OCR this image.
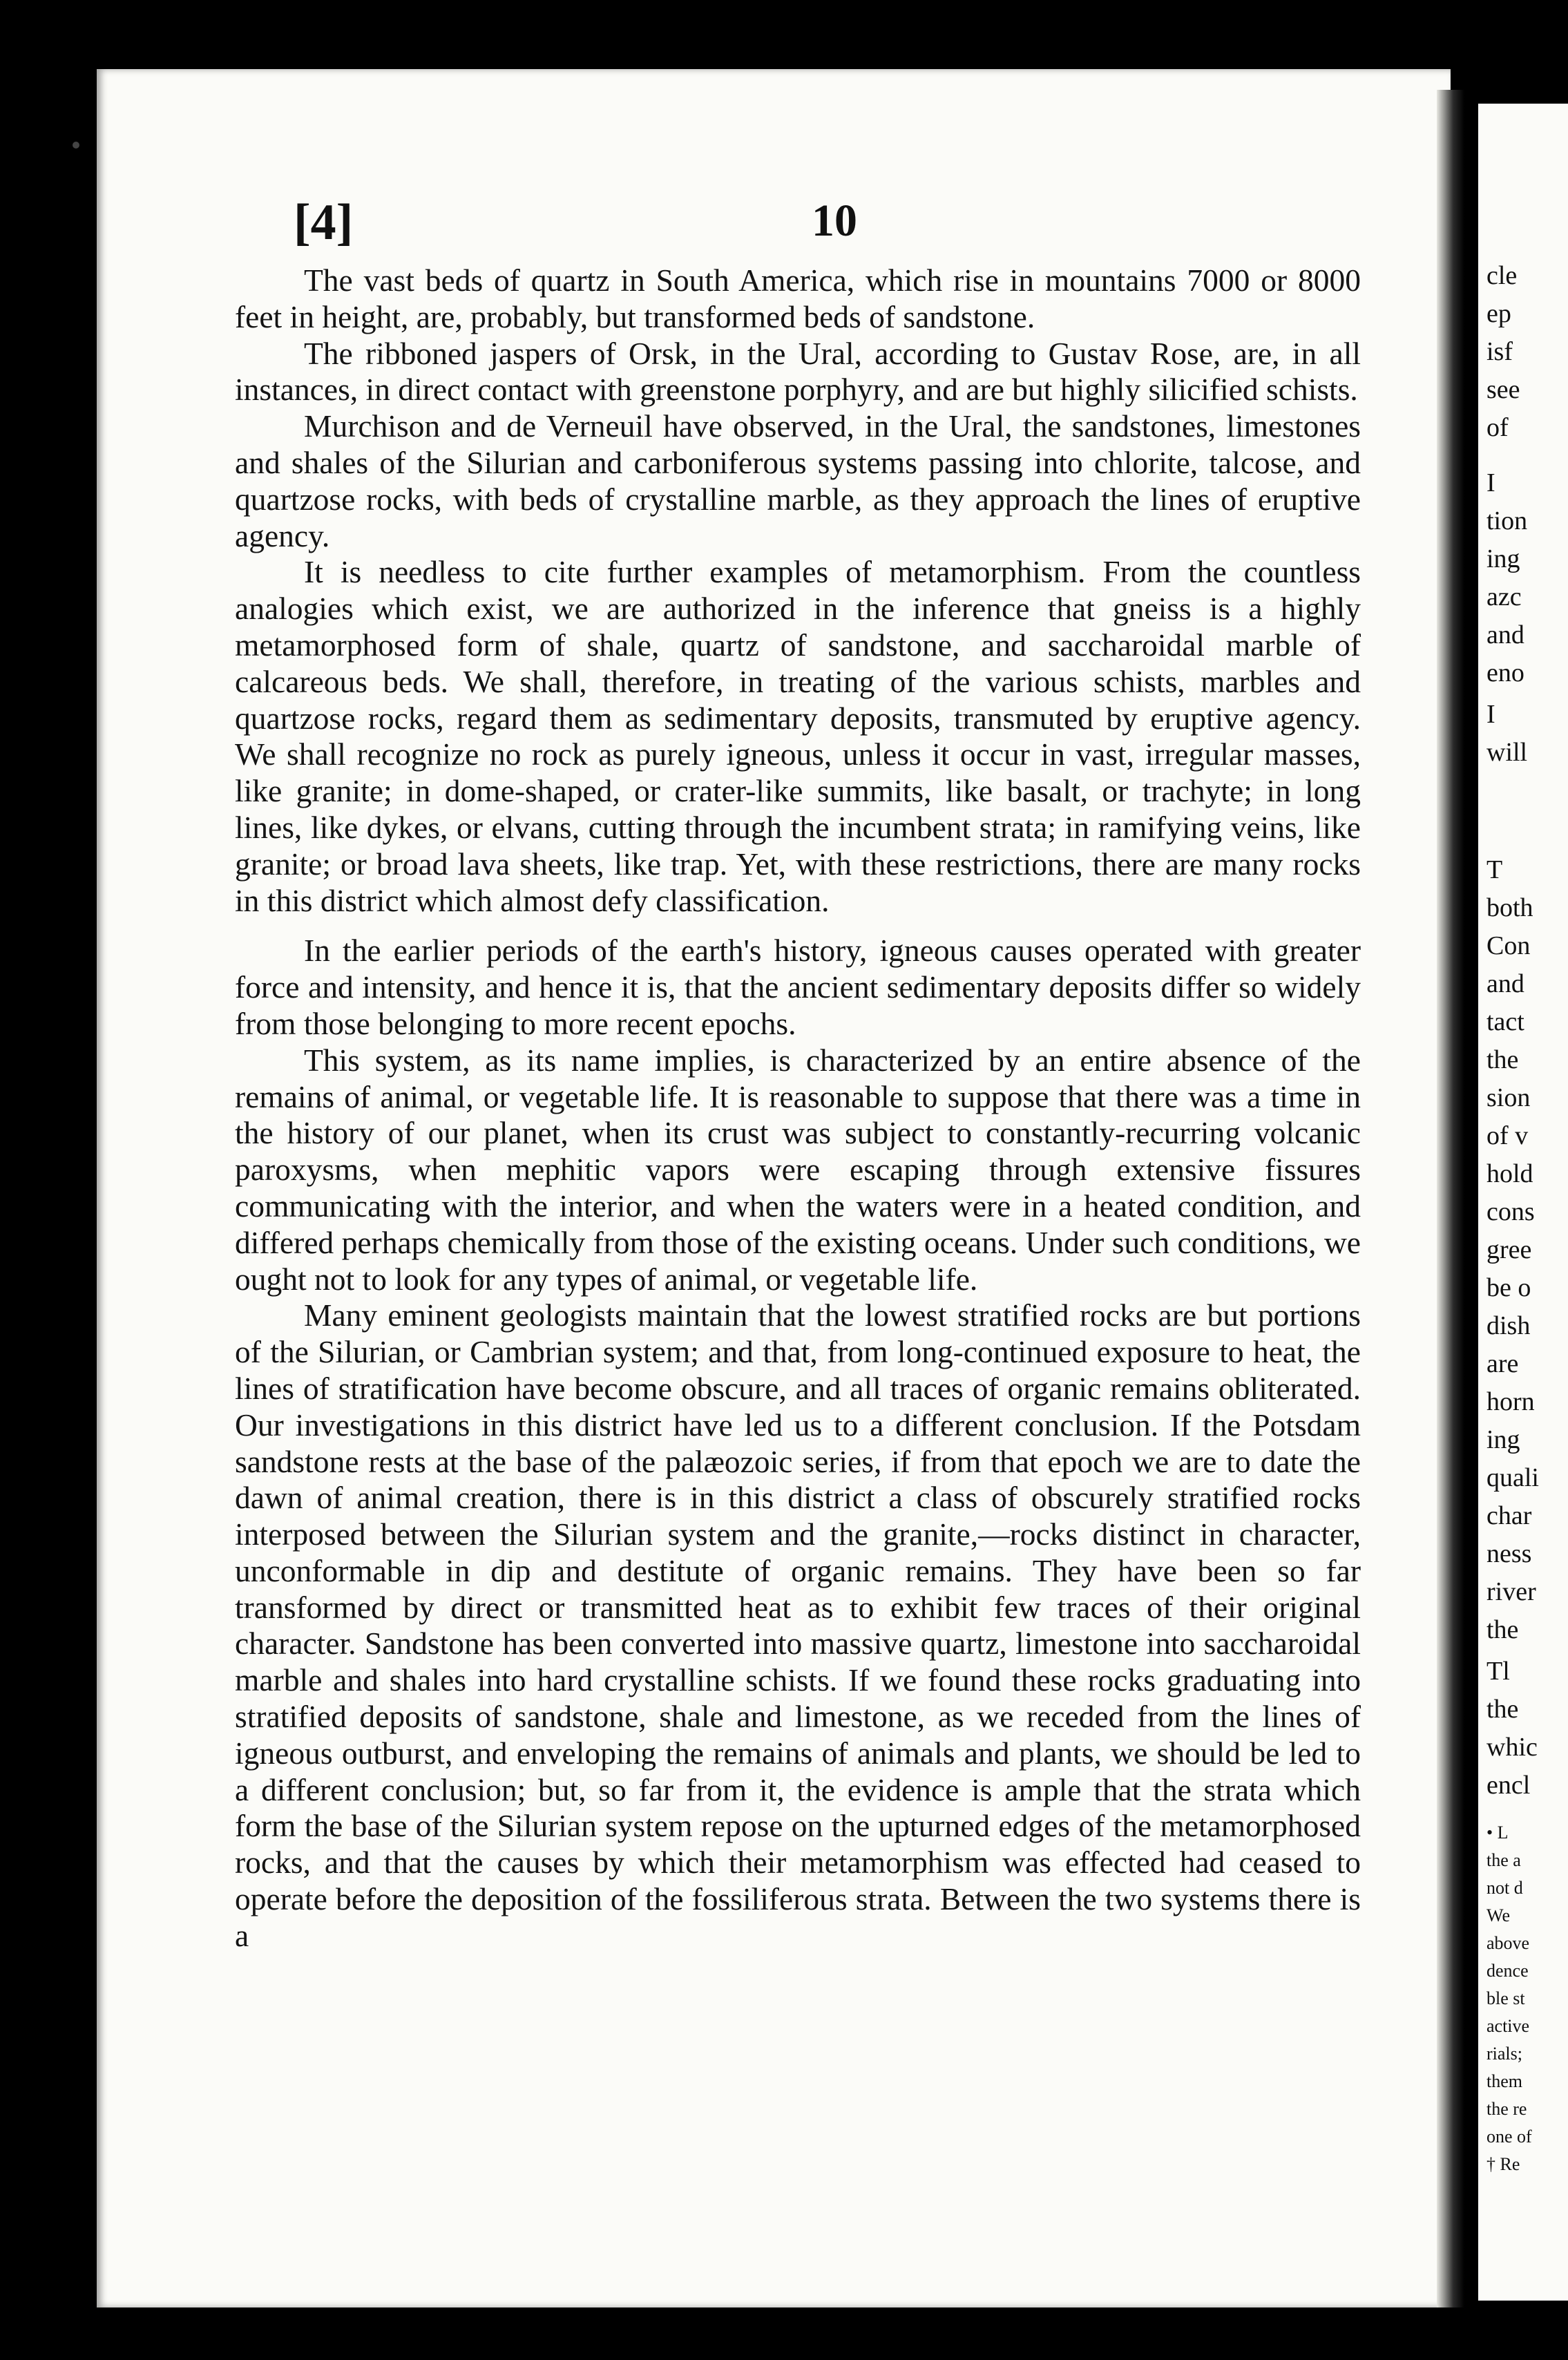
[4]	10

The vast beds of quartz in South America, which rise in mountains 7000 or 8000 feet in height, are, probably, but transformed beds of sandstone.

The ribboned jaspers of Orsk, in the Ural, according to Gustav Rose, are, in all instances, in direct contact with greenstone porphyry, and are but highly silicified schists.

Murchison and de Verneuil have observed, in the Ural, the sandstones, limestones and shales of the Silurian and carboniferous systems passing into chlorite, talcose, and quartzose rocks, with beds of crystalline marble, as they approach the lines of eruptive agency.

It is needless to cite further examples of metamorphism. From the countless analogies which exist, we are authorized in the inference that gneiss is a highly metamorphosed form of shale, quartz of sandstone, and saccharoidal marble of calcareous beds. We shall, therefore, in treating of the various schists, marbles and quartzose rocks, regard them as sedimentary deposits, transmuted by eruptive agency. We shall recognize no rock as purely igneous, unless it occur in vast, irregular masses, like granite; in dome-shaped, or crater-like summits, like basalt, or trachyte; in long lines, like dykes, or elvans, cutting through the incumbent strata; in ramifying veins, like granite; or broad lava sheets, like trap. Yet, with these restrictions, there are many rocks in this district which almost defy classification.

In the earlier periods of the earth's history, igneous causes operated with greater force and intensity, and hence it is, that the ancient sedimentary deposits differ so widely from those belonging to more recent epochs.

This system, as its name implies, is characterized by an entire absence of the remains of animal, or vegetable life. It is reasonable to suppose that there was a time in the history of our planet, when its crust was subject to constantly-recurring volcanic paroxysms, when mephitic vapors were escaping through extensive fissures communicating with the interior, and when the waters were in a heated condition, and differed perhaps chemically from those of the existing oceans. Under such conditions, we ought not to look for any types of animal, or vegetable life.

Many eminent geologists maintain that the lowest stratified rocks are but portions of the Silurian, or Cambrian system; and that, from long-continued exposure to heat, the lines of stratification have become obscure, and all traces of organic remains obliterated. Our investigations in this district have led us to a different conclusion. If the Potsdam sandstone rests at the base of the palæozoic series, if from that epoch we are to date the dawn of animal creation, there is in this district a class of obscurely stratified rocks interposed between the Silurian system and the granite,—rocks distinct in character, unconformable in dip and destitute of organic remains. They have been so far transformed by direct or transmitted heat as to exhibit few traces of their original character. Sandstone has been converted into massive quartz, limestone into saccharoidal marble and shales into hard crystalline schists. If we found these rocks graduating into stratified deposits of sandstone, shale and limestone, as we receded from the lines of igneous outburst, and enveloping the remains of animals and plants, we should be led to a different conclusion; but, so far from it, the evidence is ample that the strata which form the base of the Silurian system repose on the upturned edges of the metamorphosed rocks, and that the causes by which their metamorphism was effected had ceased to operate before the deposition of the fossiliferous strata. Between the two systems there is a

cle
ep
isf
see
of
I
tion
ing
azc
and
eno
I
will
T
both
Con
and
tact
the
sion
of v
hold
cons
gree
be o
dish
are
horn
ing
quali
char
ness
river
the
Tl
the
whic
encl
• L
the a
not d
We
above
dence
ble st
active
rials;
them
the re
one of
† Re
